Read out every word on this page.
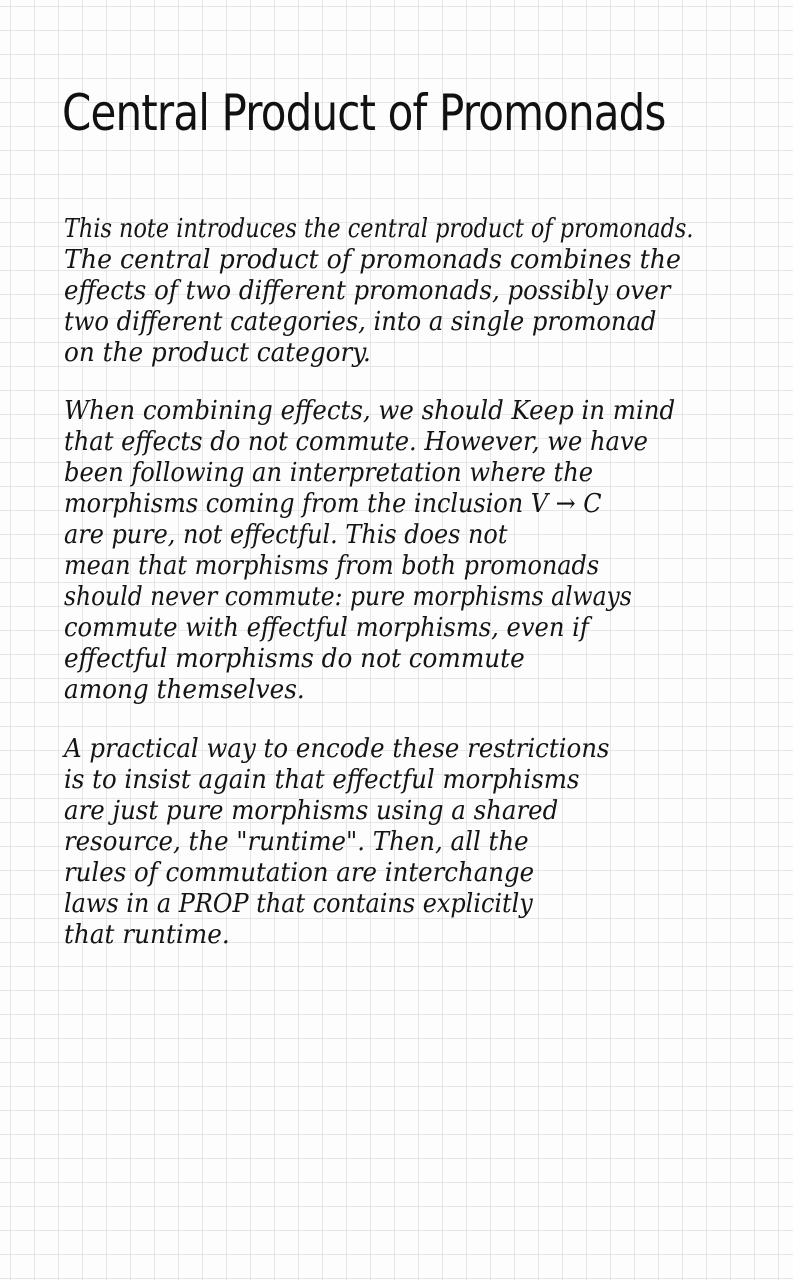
Central Product of Promonads
This note introduces the central product of promonads.
The central product of promonads combines the
effects of two different promonads, possibly over
two different categories, into a single promonad
on the product category.
When combining effects, we should Keep in mind
that effects do not commute. However, we have
been following an interpretation where the
morphisms coming from the inclusion V → C
are pure, not effectful. This does not
mean that morphisms from both promonads
should never commute: pure morphisms always
commute with effectful morphisms, even if
effectful morphisms do not commute
among themselves.
A practical way to encode these restrictions
is to insist again that effectful morphisms
are just pure morphisms using a shared
resource, the "runtime". Then, all the
rules of commutation are interchange
laws in a PROP that contains explicitly
that runtime.
